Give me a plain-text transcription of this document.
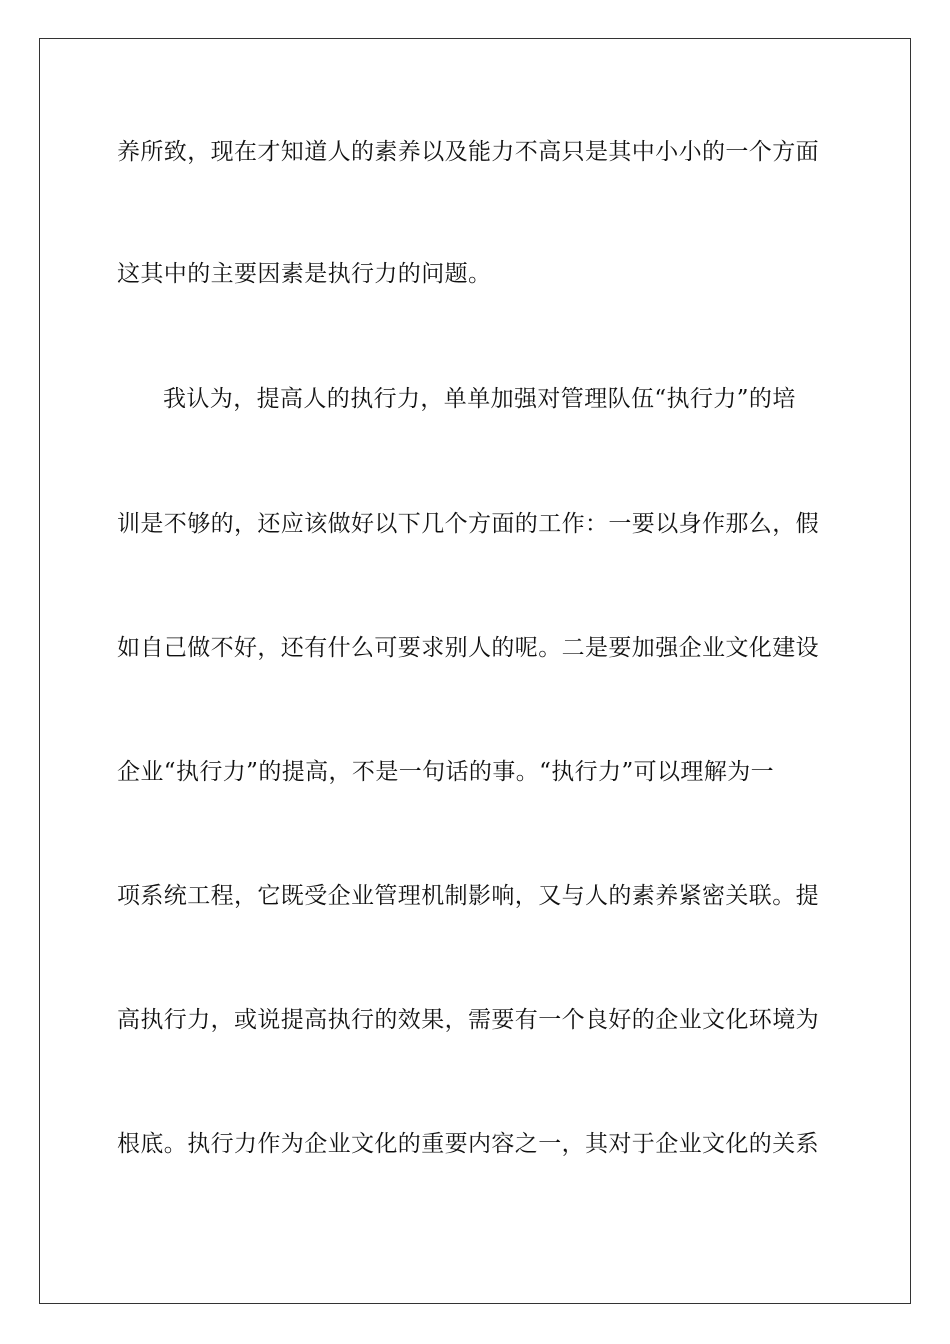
养所致，现在才知道人的素养以及能力不高只是其中小小的一个方面
这其中的主要因素是执行力的问题。
我认为，提高人的执行力，单单加强对管理队伍“执行力”的培
训是不够的，还应该做好以下几个方面的工作：一要以身作那么，假
如自己做不好，还有什么可要求别人的呢。二是要加强企业文化建设
企业“执行力”的提高，不是一句话的事。“执行力”可以理解为一
项系统工程，它既受企业管理机制影响，又与人的素养紧密关联。提
高执行力，或说提高执行的效果，需要有一个良好的企业文化环境为
根底。执行力作为企业文化的重要内容之一，其对于企业文化的关系
